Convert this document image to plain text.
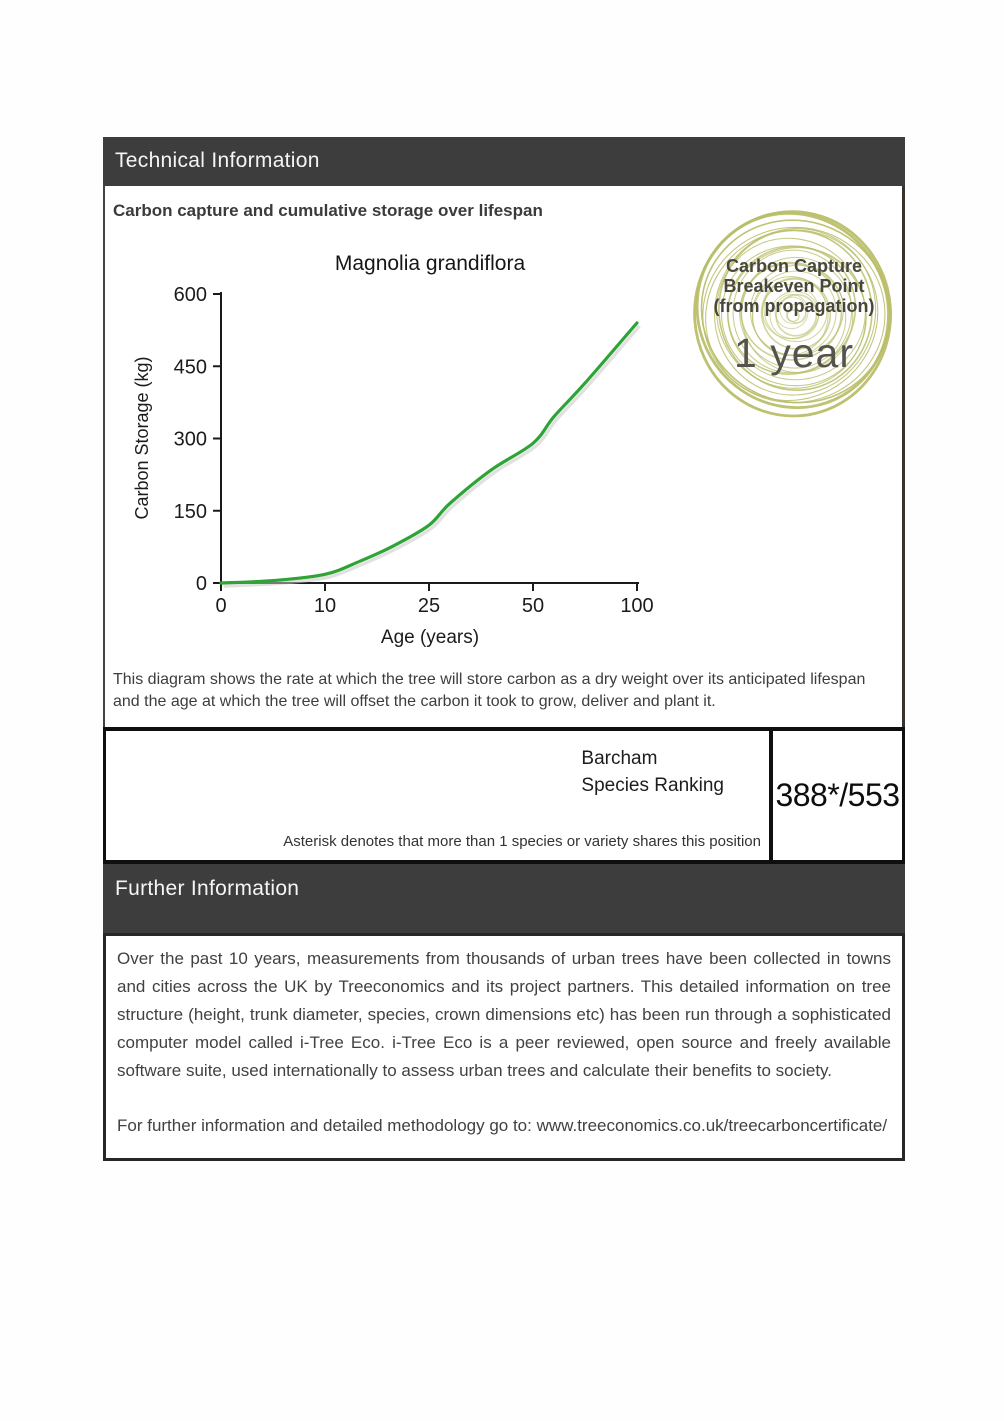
Technical Information
Carbon capture and cumulative storage over lifespan
0
150
300
450
600
0	10	25	50	100
Magnolia grandiflora
Age (years)
Carbon Storage (kg)
Carbon Capture
Breakeven Point
(from propagation)
1 year
This diagram shows the rate at which the tree will store carbon as a dry weight over its anticipated lifespan and the age at which the tree will offset the carbon it took to grow, deliver and plant it.
Barcham
Species Ranking
Asterisk denotes that more than 1 species or variety shares this position
388*/553
Further Information
Over the past 10 years, measurements from thousands of urban trees have been collected in towns and cities across the UK by Treeconomics and its project partners. This detailed information on tree structure (height, trunk diameter, species, crown dimensions etc) has been run through a sophisticated computer model called i-Tree Eco. i-Tree Eco is a peer reviewed, open source and freely available software suite, used internationally to assess urban trees and calculate their benefits to society.
For further information and detailed methodology go to: www.treeconomics.co.uk/treecarboncertificate/
